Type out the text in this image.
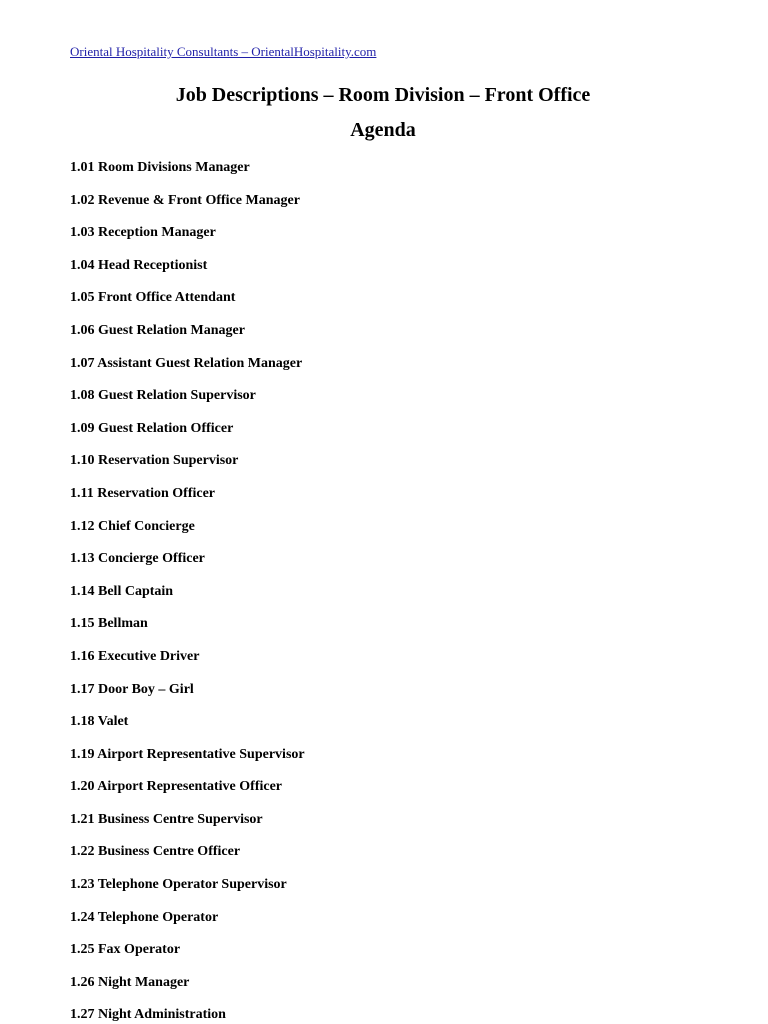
Oriental Hospitality Consultants – OrientalHospitality.com
Job Descriptions – Room Division – Front Office
Agenda
1.01 Room Divisions Manager
1.02 Revenue & Front Office Manager
1.03 Reception Manager
1.04 Head Receptionist
1.05 Front Office Attendant
1.06 Guest Relation Manager
1.07 Assistant Guest Relation Manager
1.08 Guest Relation Supervisor
1.09 Guest Relation Officer
1.10 Reservation Supervisor
1.11 Reservation Officer
1.12 Chief Concierge
1.13 Concierge Officer
1.14 Bell Captain
1.15 Bellman
1.16 Executive Driver
1.17 Door Boy – Girl
1.18 Valet
1.19 Airport Representative Supervisor
1.20 Airport Representative Officer
1.21 Business Centre Supervisor
1.22 Business Centre Officer
1.23 Telephone Operator Supervisor
1.24 Telephone Operator
1.25 Fax Operator
1.26 Night Manager
1.27 Night Administration
